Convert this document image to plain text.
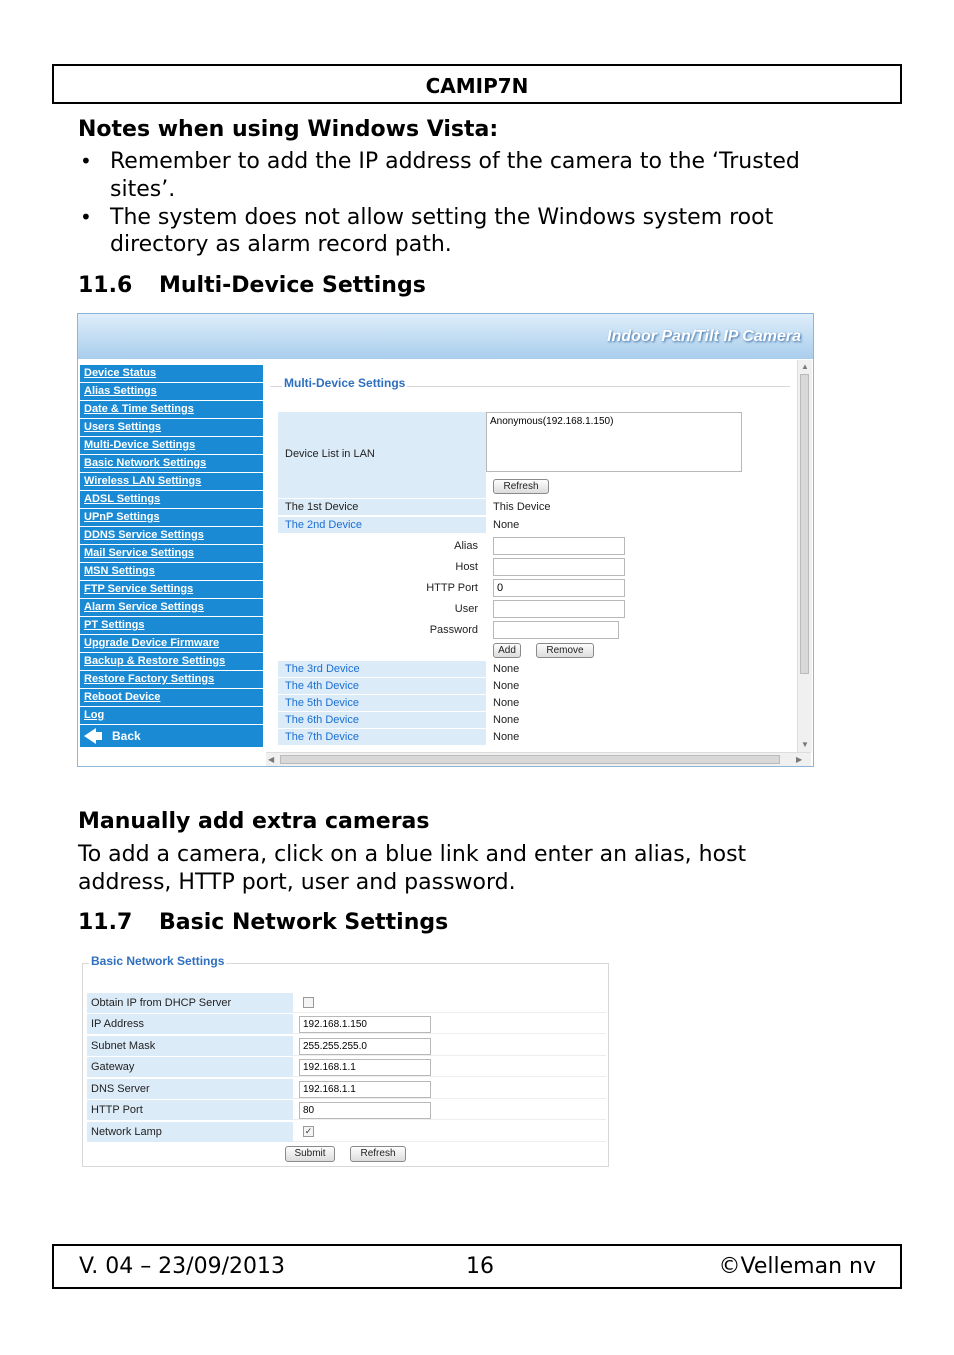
CAMIP7N
Notes when using Windows Vista:
• Remember to add the IP address of the camera to the ‘Trusted
sites’.
• The system does not allow setting the Windows system root
directory as alarm record path.
11.6 Multi-Device Settings
Indoor Pan/Tilt IP Camera
Device Status
Alias Settings
Date & Time Settings
Users Settings
Multi-Device Settings
Basic Network Settings
Wireless LAN Settings
ADSL Settings
UPnP Settings
DDNS Service Settings
Mail Service Settings
MSN Settings
FTP Service Settings
Alarm Service Settings
PT Settings
Upgrade Device Firmware
Backup & Restore Settings
Restore Factory Settings
Reboot Device
Log
Back
Multi-Device Settings
Device List in LAN
Anonymous(192.168.1.150)
Refresh
The 1st Device	This Device
The 2nd Device	None
Alias
Host
HTTP Port	0
User
Password
Add	Remove
The 3rd Device	None
The 4th Device	None
The 5th Device	None
The 6th Device	None
The 7th Device	None
▲
▼
◀	▶
Manually add extra cameras
To add a camera, click on a blue link and enter an alias, host
address, HTTP port, user and password.
11.7 Basic Network Settings
Basic Network Settings
Obtain IP from DHCP Server
IP Address	192.168.1.150
Subnet Mask	255.255.255.0
Gateway	192.168.1.1
DNS Server	192.168.1.1
HTTP Port	80
Network Lamp	✓
Submit	Refresh
V. 04 – 23/09/2013	16	©Velleman nv
